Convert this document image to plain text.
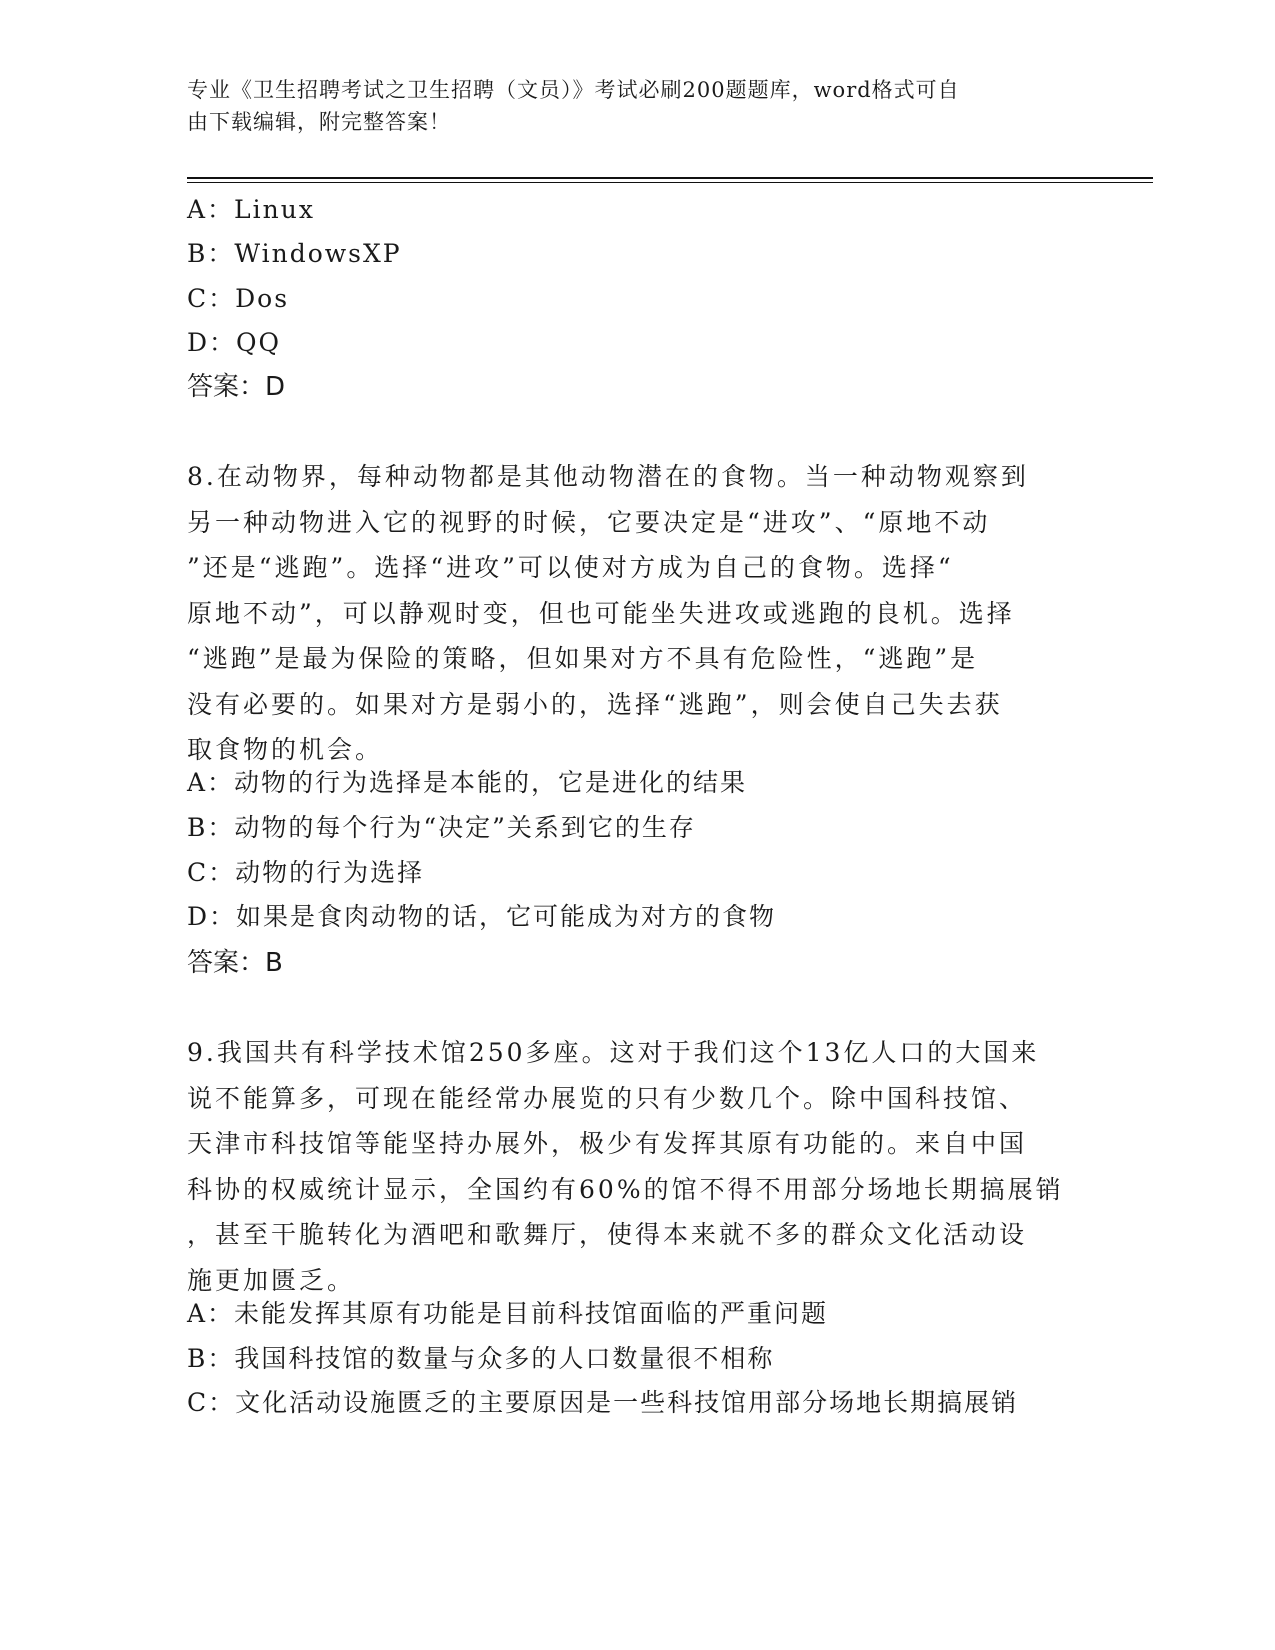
专业《卫生招聘考试之卫生招聘（文员）》考试必刷200题题库，word格式可自
由下载编辑，附完整答案！

A：Linux

B：WindowsXP

C：Dos

D：QQ

答案：D

8.在动物界，每种动物都是其他动物潜在的食物。当一种动物观察到
另一种动物进入它的视野的时候，它要决定是“进攻”、“原地不动
”还是“逃跑”。选择“进攻”可以使对方成为自己的食物。选择“
原地不动”，可以静观时变，但也可能坐失进攻或逃跑的良机。选择
“逃跑”是最为保险的策略，但如果对方不具有危险性，“逃跑”是
没有必要的。如果对方是弱小的，选择“逃跑”，则会使自己失去获
取食物的机会。

A：动物的行为选择是本能的，它是进化的结果

B：动物的每个行为“决定”关系到它的生存

C：动物的行为选择

D：如果是食肉动物的话，它可能成为对方的食物

答案：B

9.我国共有科学技术馆250多座。这对于我们这个13亿人口的大国来
说不能算多，可现在能经常办展览的只有少数几个。除中国科技馆、
天津市科技馆等能坚持办展外，极少有发挥其原有功能的。来自中国
科协的权威统计显示，全国约有60%的馆不得不用部分场地长期搞展销
，甚至干脆转化为酒吧和歌舞厅，使得本来就不多的群众文化活动设
施更加匮乏。

A：未能发挥其原有功能是目前科技馆面临的严重问题

B：我国科技馆的数量与众多的人口数量很不相称

C：文化活动设施匮乏的主要原因是一些科技馆用部分场地长期搞展销
